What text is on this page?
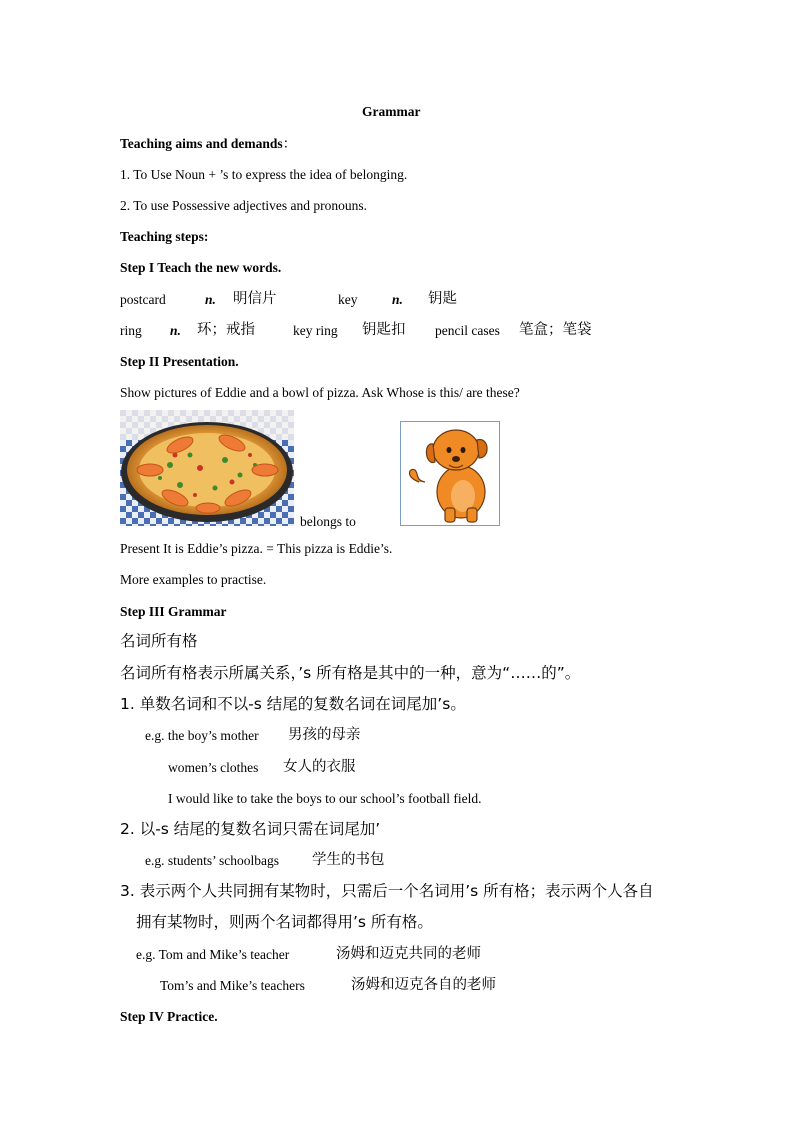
Grammar
Teaching aims and demands：
1. To Use Noun + ’s to express the idea of belonging.
2. To use Possessive adjectives and pronouns.
Teaching steps:
Step I Teach the new words.
postcard	n. 明信片	key	n. 钥匙
ring n. 环；戒指	key ring 钥匙扣 pencil cases 笔盒；笔袋
Step II Presentation.
Show pictures of Eddie and a bowl of pizza. Ask Whose is this/ are these?
belongs to
Present It is Eddie’s pizza. = This pizza is Eddie’s.
More examples to practise.
Step III Grammar
名词所有格
名词所有格表示所属关系，’s 所有格是其中的一种，意为“……的”。
1. 单数名词和不以-s 结尾的复数名词在词尾加’s。
e.g. the boy’s mother 男孩的母亲
women’s clothes 女人的衣服
I would like to take the boys to our school’s football field.
2. 以-s 结尾的复数名词只需在词尾加’
e.g. students’ schoolbags 学生的书包
3. 表示两个人共同拥有某物时，只需后一个名词用’s 所有格；表示两个人各自
拥有某物时，则两个名词都得用’s 所有格。
e.g. Tom and Mike’s teacher	汤姆和迈克共同的老师
Tom’s and Mike’s teachers	汤姆和迈克各自的老师
Step IV Practice.
